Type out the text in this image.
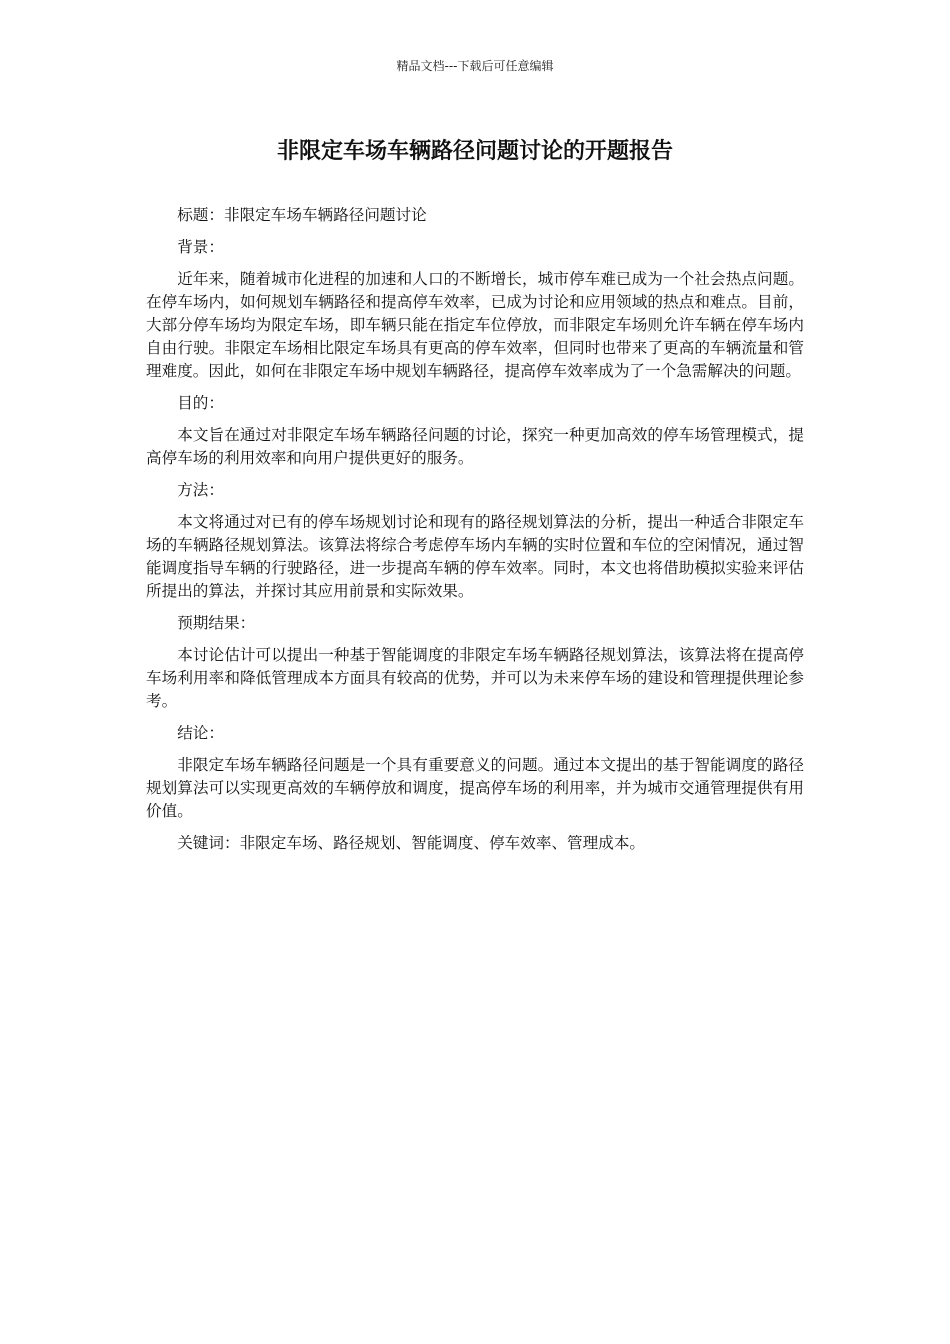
精品文档---下载后可任意编辑
非限定车场车辆路径问题讨论的开题报告

标题：非限定车场车辆路径问题讨论

背景：

近年来，随着城市化进程的加速和人口的不断增长，城市停车难已成为一个社会热点问题。在停车场内，如何规划车辆路径和提高停车效率，已成为讨论和应用领域的热点和难点。目前，大部分停车场均为限定车场，即车辆只能在指定车位停放，而非限定车场则允许车辆在停车场内自由行驶。非限定车场相比限定车场具有更高的停车效率，但同时也带来了更高的车辆流量和管理难度。因此，如何在非限定车场中规划车辆路径，提高停车效率成为了一个急需解决的问题。

目的：

本文旨在通过对非限定车场车辆路径问题的讨论，探究一种更加高效的停车场管理模式，提高停车场的利用效率和向用户提供更好的服务。

方法：

本文将通过对已有的停车场规划讨论和现有的路径规划算法的分析，提出一种适合非限定车场的车辆路径规划算法。该算法将综合考虑停车场内车辆的实时位置和车位的空闲情况，通过智能调度指导车辆的行驶路径，进一步提高车辆的停车效率。同时，本文也将借助模拟实验来评估所提出的算法，并探讨其应用前景和实际效果。

预期结果：

本讨论估计可以提出一种基于智能调度的非限定车场车辆路径规划算法，该算法将在提高停车场利用率和降低管理成本方面具有较高的优势，并可以为未来停车场的建设和管理提供理论参考。

结论：

非限定车场车辆路径问题是一个具有重要意义的问题。通过本文提出的基于智能调度的路径规划算法可以实现更高效的车辆停放和调度，提高停车场的利用率，并为城市交通管理提供有用价值。

关键词：非限定车场、路径规划、智能调度、停车效率、管理成本。
